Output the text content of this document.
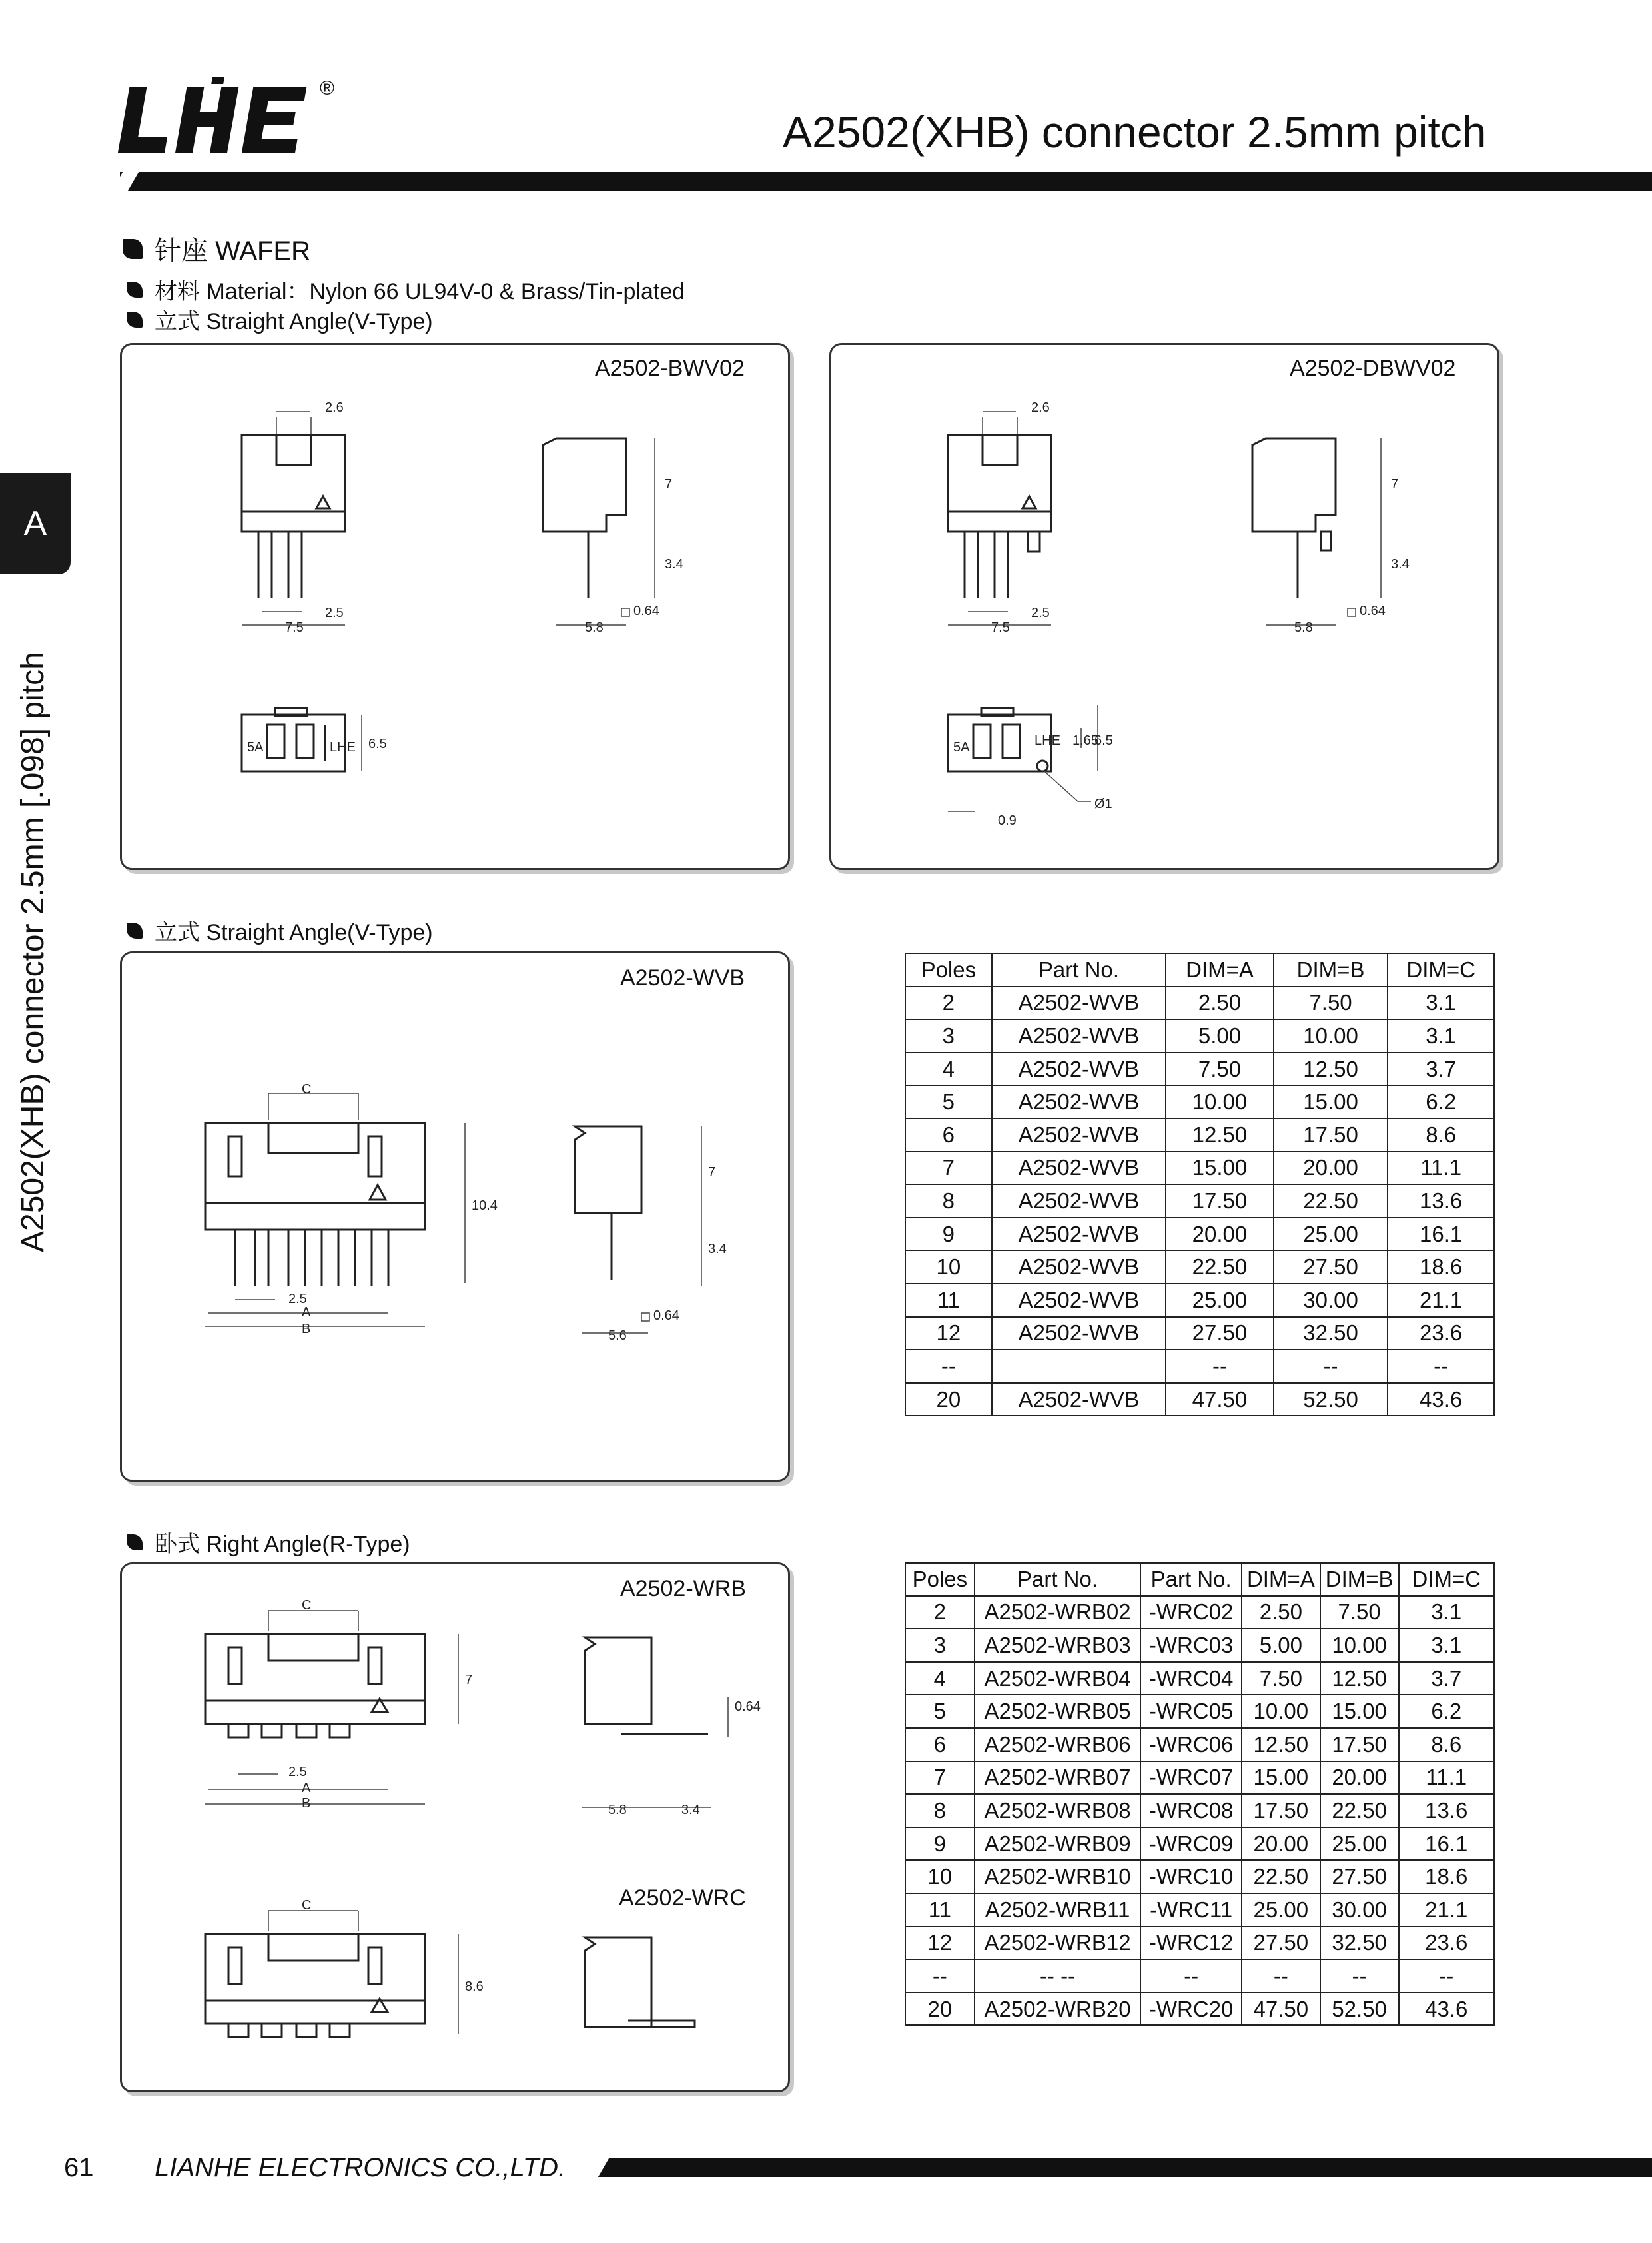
®
A2502(XHB) connector 2.5mm pitch
A
A2502(XHB) connector 2.5mm [.098] pitch
针座 WAFER
材料 Material：Nylon 66 UL94V-0 & Brass/Tin-plated
立式 Straight Angle(V-Type)
A2502-BWV02
2.6
2.5
7.5
7
3.4
0.64
5.8
5A	LHE 6.5
A2502-DBWV02
2.6
2.5
7.5
7
3.4
0.64
5.8
5A	LHE 1.65
6.5
0.9
Ø1
立式 Straight Angle(V-Type)
A2502-WVB
C
10.4
2.5
A
B
7
3.4
0.64
5.6
Poles	Part No.	DIM=A	DIM=B	DIM=C
2	A2502-WVB	2.50	7.50	3.1
3	A2502-WVB	5.00	10.00	3.1
4	A2502-WVB	7.50	12.50	3.7
5	A2502-WVB	10.00	15.00	6.2
6	A2502-WVB	12.50	17.50	8.6
7	A2502-WVB	15.00	20.00	11.1
8	A2502-WVB	17.50	22.50	13.6
9	A2502-WVB	20.00	25.00	16.1
10	A2502-WVB	22.50	27.50	18.6
11	A2502-WVB	25.00	30.00	21.1
12	A2502-WVB	27.50	32.50	23.6
--		--	--	--
20	A2502-WVB	47.50	52.50	43.6
卧式 Right Angle(R-Type)
A2502-WRB
A2502-WRC
C
7
2.5
A
B
0.64
5.8	3.4
C
8.6
Poles	Part No.	Part No.	DIM=A	DIM=B	DIM=C
2	A2502-WRB02	-WRC02	2.50	7.50	3.1
3	A2502-WRB03	-WRC03	5.00	10.00	3.1
4	A2502-WRB04	-WRC04	7.50	12.50	3.7
5	A2502-WRB05	-WRC05	10.00	15.00	6.2
6	A2502-WRB06	-WRC06	12.50	17.50	8.6
7	A2502-WRB07	-WRC07	15.00	20.00	11.1
8	A2502-WRB08	-WRC08	17.50	22.50	13.6
9	A2502-WRB09	-WRC09	20.00	25.00	16.1
10	A2502-WRB10	-WRC10	22.50	27.50	18.6
11	A2502-WRB11	-WRC11	25.00	30.00	21.1
12	A2502-WRB12	-WRC12	27.50	32.50	23.6
--	-- --	--	--	--	--
20	A2502-WRB20	-WRC20	47.50	52.50	43.6
61 LIANHE ELECTRONICS CO.,LTD.
